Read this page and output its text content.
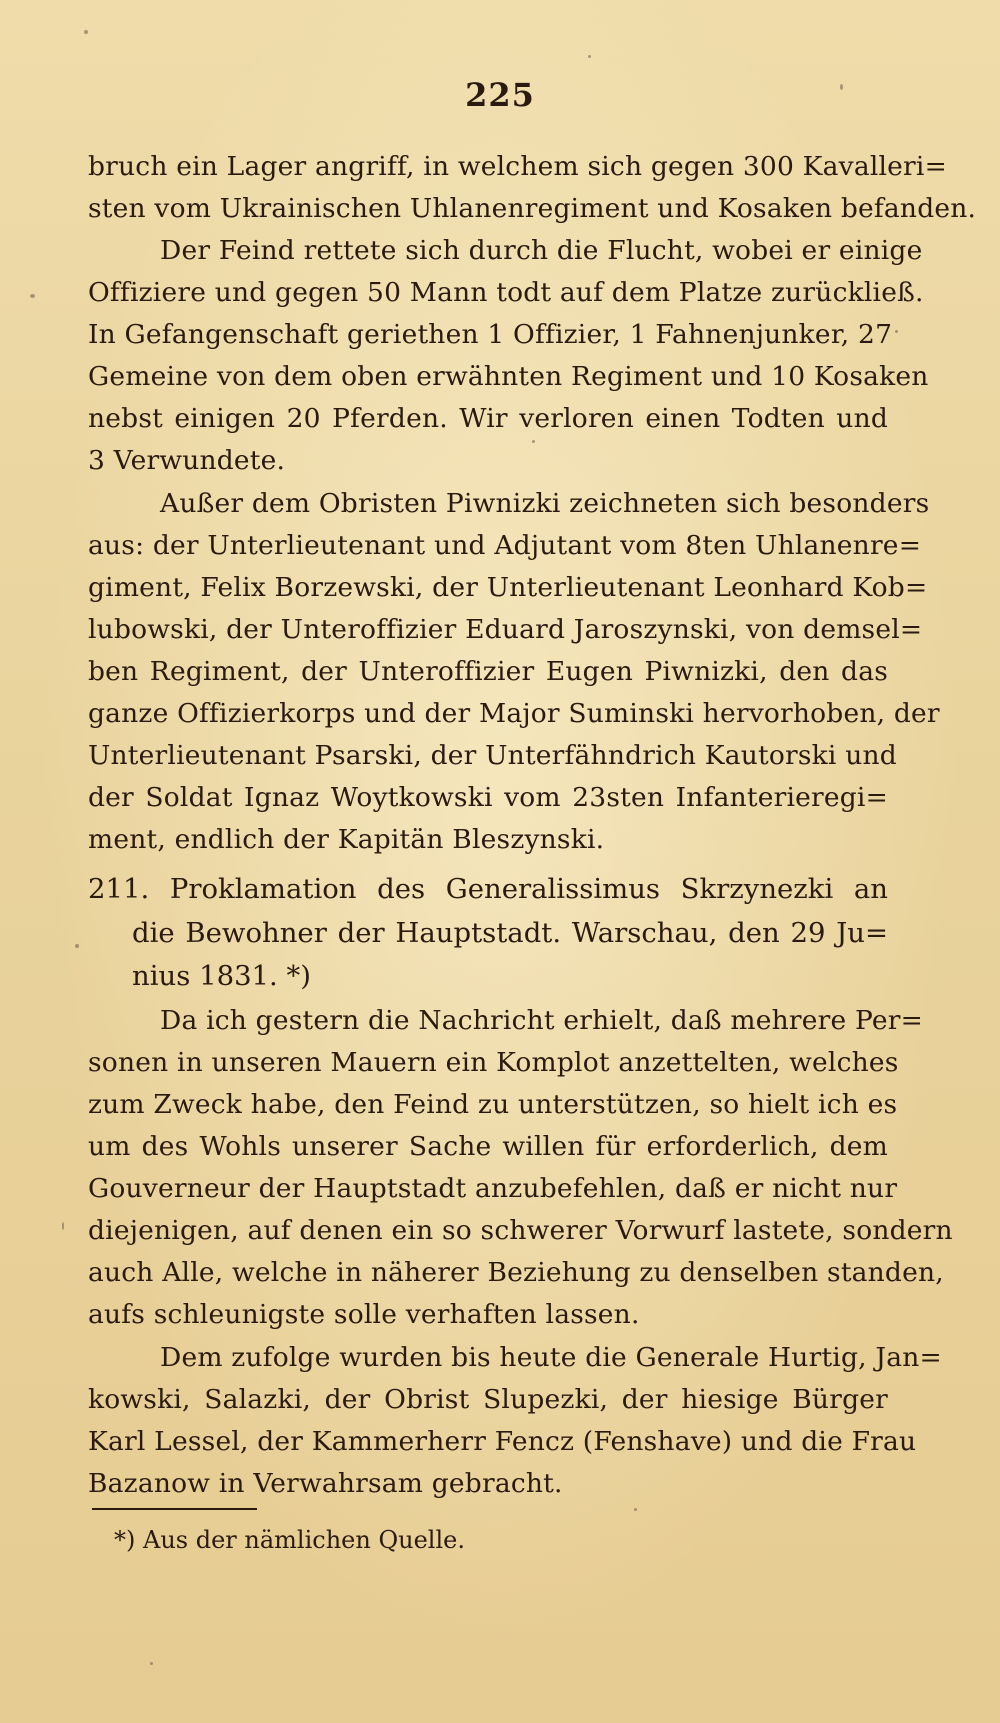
225
bruch ein Lager angriff, in welchem sich gegen 300 Kavalleri=
sten vom Ukrainischen Uhlanenregiment und Kosaken befanden.
Der Feind rettete sich durch die Flucht, wobei er einige
Offiziere und gegen 50 Mann todt auf dem Platze zurückließ.
In Gefangenschaft geriethen 1 Offizier, 1 Fahnenjunker, 27
Gemeine von dem oben erwähnten Regiment und 10 Kosaken
nebst einigen 20 Pferden. Wir verloren einen Todten und
3 Verwundete.
Außer dem Obristen Piwnizki zeichneten sich besonders
aus: der Unterlieutenant und Adjutant vom 8ten Uhlanenre=
giment, Felix Borzewski, der Unterlieutenant Leonhard Kob=
lubowski, der Unteroffizier Eduard Jaroszynski, von demsel=
ben Regiment, der Unteroffizier Eugen Piwnizki, den das
ganze Offizierkorps und der Major Suminski hervorhoben, der
Unterlieutenant Psarski, der Unterfähndrich Kautorski und
der Soldat Ignaz Woytkowski vom 23sten Infanterieregi=
ment, endlich der Kapitän Bleszynski.
211. Proklamation des Generalissimus Skrzynezki an
die Bewohner der Hauptstadt. Warschau, den 29 Ju=
nius 1831. *)
Da ich gestern die Nachricht erhielt, daß mehrere Per=
sonen in unseren Mauern ein Komplot anzettelten, welches
zum Zweck habe, den Feind zu unterstützen, so hielt ich es
um des Wohls unserer Sache willen für erforderlich, dem
Gouverneur der Hauptstadt anzubefehlen, daß er nicht nur
diejenigen, auf denen ein so schwerer Vorwurf lastete, sondern
auch Alle, welche in näherer Beziehung zu denselben standen,
aufs schleunigste solle verhaften lassen.
Dem zufolge wurden bis heute die Generale Hurtig, Jan=
kowski, Salazki, der Obrist Slupezki, der hiesige Bürger
Karl Lessel, der Kammerherr Fencz (Fenshave) und die Frau
Bazanow in Verwahrsam gebracht.
*) Aus der nämlichen Quelle.
